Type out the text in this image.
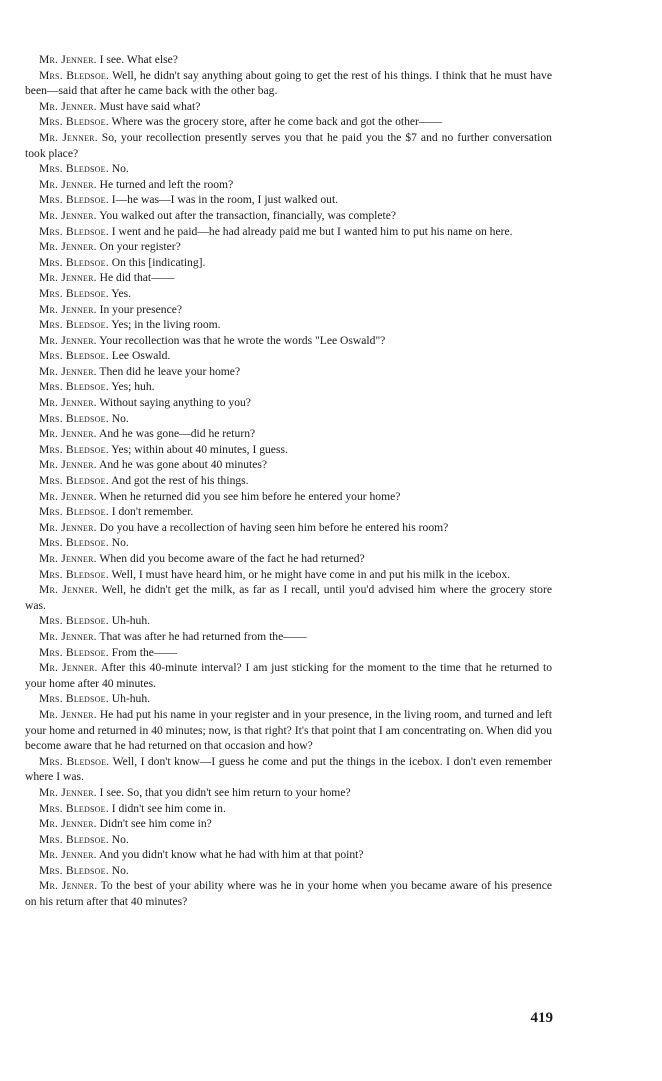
Mr. Jenner. I see. What else?

Mrs. Bledsoe. Well, he didn't say anything about going to get the rest of his things. I think that he must have been—said that after he came back with the other bag.

Mr. Jenner. Must have said what?

Mrs. Bledsoe. Where was the grocery store, after he come back and got the other——

Mr. Jenner. So, your recollection presently serves you that he paid you the $7 and no further conversation took place?

Mrs. Bledsoe. No.

Mr. Jenner. He turned and left the room?

Mrs. Bledsoe. I—he was—I was in the room, I just walked out.

Mr. Jenner. You walked out after the transaction, financially, was complete?

Mrs. Bledsoe. I went and he paid—he had already paid me but I wanted him to put his name on here.

Mr. Jenner. On your register?

Mrs. Bledsoe. On this [indicating].

Mr. Jenner. He did that——

Mrs. Bledsoe. Yes.

Mr. Jenner. In your presence?

Mrs. Bledsoe. Yes; in the living room.

Mr. Jenner. Your recollection was that he wrote the words "Lee Oswald"?

Mrs. Bledsoe. Lee Oswald.

Mr. Jenner. Then did he leave your home?

Mrs. Bledsoe. Yes; huh.

Mr. Jenner. Without saying anything to you?

Mrs. Bledsoe. No.

Mr. Jenner. And he was gone—did he return?

Mrs. Bledsoe. Yes; within about 40 minutes, I guess.

Mr. Jenner. And he was gone about 40 minutes?

Mrs. Bledsoe. And got the rest of his things.

Mr. Jenner. When he returned did you see him before he entered your home?

Mrs. Bledsoe. I don't remember.

Mr. Jenner. Do you have a recollection of having seen him before he entered his room?

Mrs. Bledsoe. No.

Mr. Jenner. When did you become aware of the fact he had returned?

Mrs. Bledsoe. Well, I must have heard him, or he might have come in and put his milk in the icebox.

Mr. Jenner. Well, he didn't get the milk, as far as I recall, until you'd advised him where the grocery store was.

Mrs. Bledsoe. Uh-huh.

Mr. Jenner. That was after he had returned from the——

Mrs. Bledsoe. From the——

Mr. Jenner. After this 40-minute interval? I am just sticking for the moment to the time that he returned to your home after 40 minutes.

Mrs. Bledsoe. Uh-huh.

Mr. Jenner. He had put his name in your register and in your presence, in the living room, and turned and left your home and returned in 40 minutes; now, is that right? It's that point that I am concentrating on. When did you become aware that he had returned on that occasion and how?

Mrs. Bledsoe. Well, I don't know—I guess he come and put the things in the icebox. I don't even remember where I was.

Mr. Jenner. I see. So, that you didn't see him return to your home?

Mrs. Bledsoe. I didn't see him come in.

Mr. Jenner. Didn't see him come in?

Mrs. Bledsoe. No.

Mr. Jenner. And you didn't know what he had with him at that point?

Mrs. Bledsoe. No.

Mr. Jenner. To the best of your ability where was he in your home when you became aware of his presence on his return after that 40 minutes?

419
